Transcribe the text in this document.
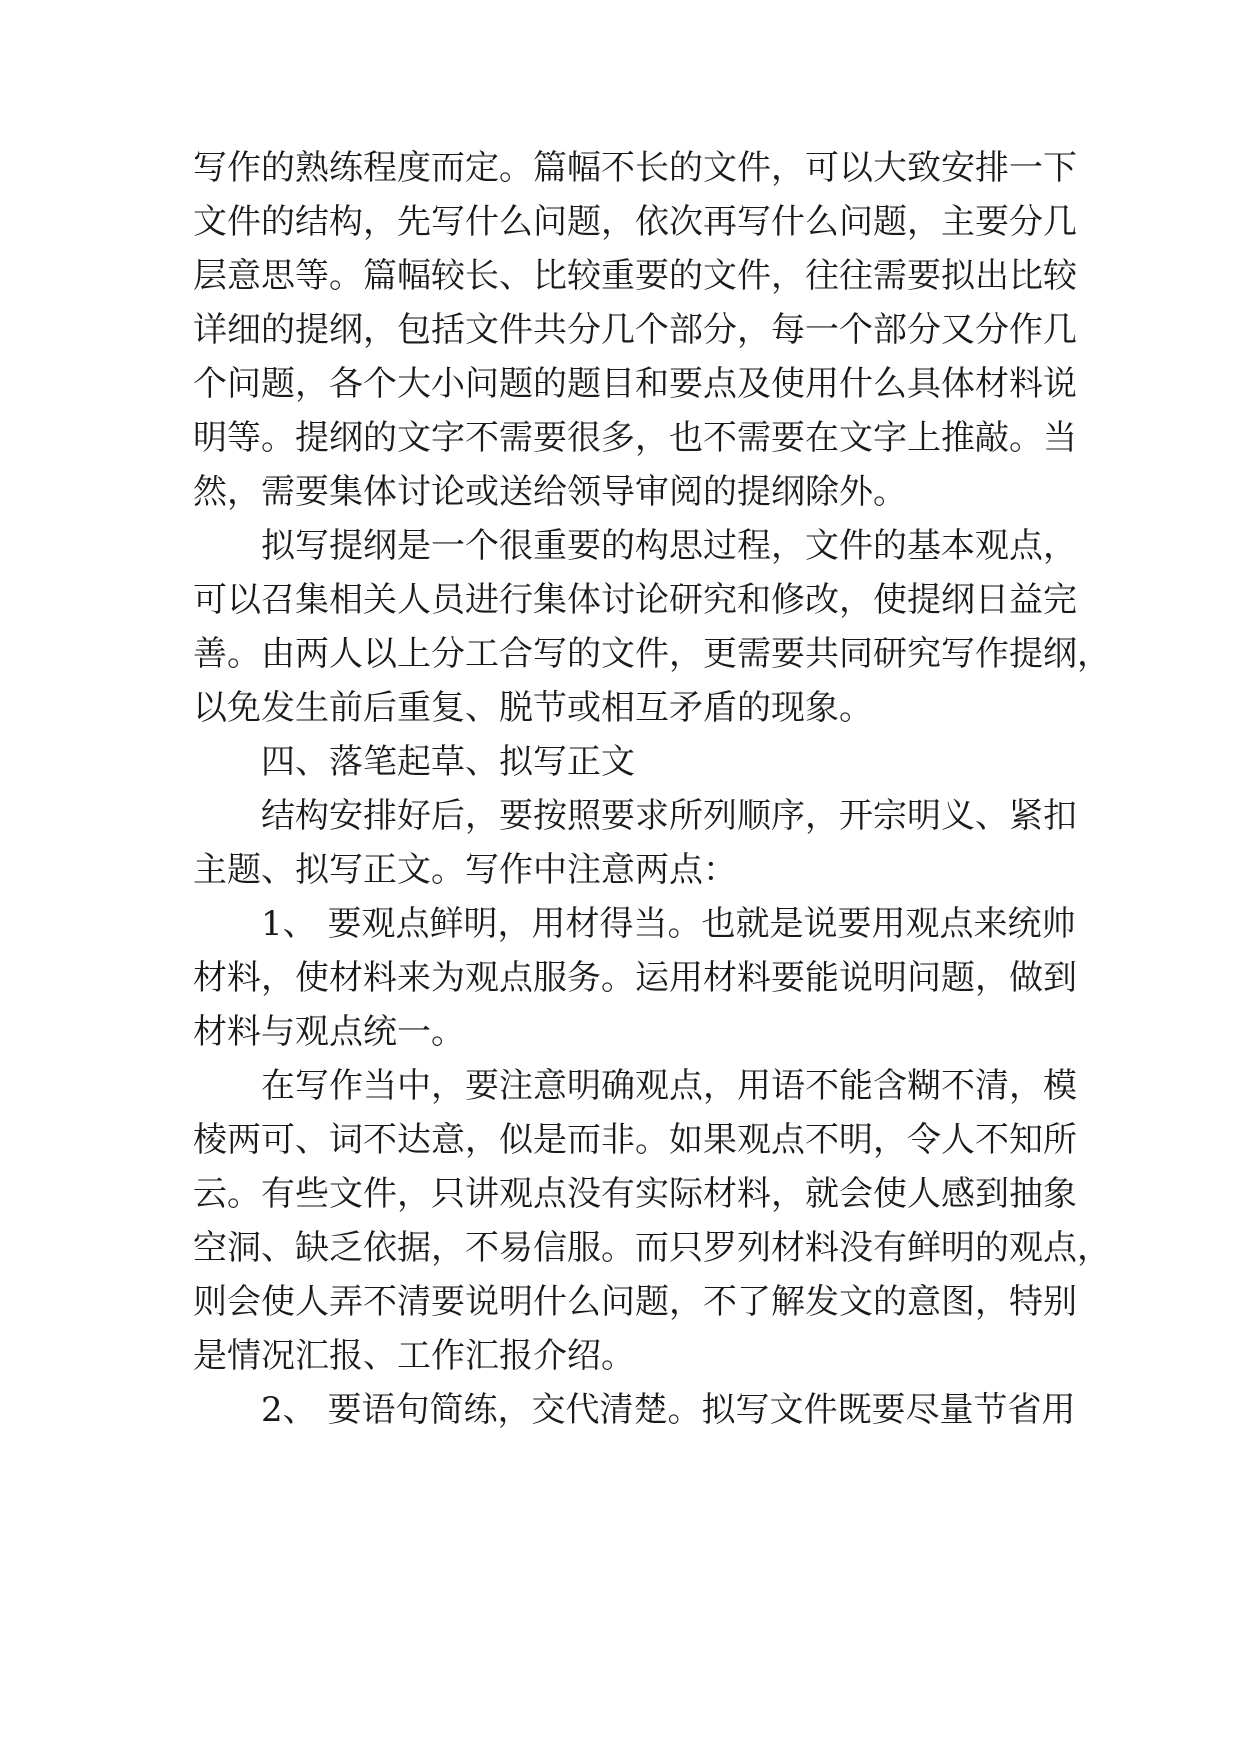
写作的熟练程度而定。篇幅不长的文件，可以大致安排一下
文件的结构，先写什么问题，依次再写什么问题，主要分几
层意思等。篇幅较长、比较重要的文件，往往需要拟出比较
详细的提纲，包括文件共分几个部分，每一个部分又分作几
个问题，各个大小问题的题目和要点及使用什么具体材料说
明等。提纲的文字不需要很多，也不需要在文字上推敲。当
然，需要集体讨论或送给领导审阅的提纲除外。
拟写提纲是一个很重要的构思过程，文件的基本观点，
可以召集相关人员进行集体讨论研究和修改，使提纲日益完
善。由两人以上分工合写的文件，更需要共同研究写作提纲，
以免发生前后重复、脱节或相互矛盾的现象。
四、落笔起草、拟写正文
结构安排好后，要按照要求所列顺序，开宗明义、紧扣
主题、拟写正文。写作中注意两点：
1、 要观点鲜明，用材得当。也就是说要用观点来统帅
材料，使材料来为观点服务。运用材料要能说明问题，做到
材料与观点统一。
在写作当中，要注意明确观点，用语不能含糊不清，模
棱两可、词不达意，似是而非。如果观点不明，令人不知所
云。有些文件，只讲观点没有实际材料，就会使人感到抽象
空洞、缺乏依据，不易信服。而只罗列材料没有鲜明的观点，
则会使人弄不清要说明什么问题，不了解发文的意图，特别
是情况汇报、工作汇报介绍。
2、 要语句简练，交代清楚。拟写文件既要尽量节省用
